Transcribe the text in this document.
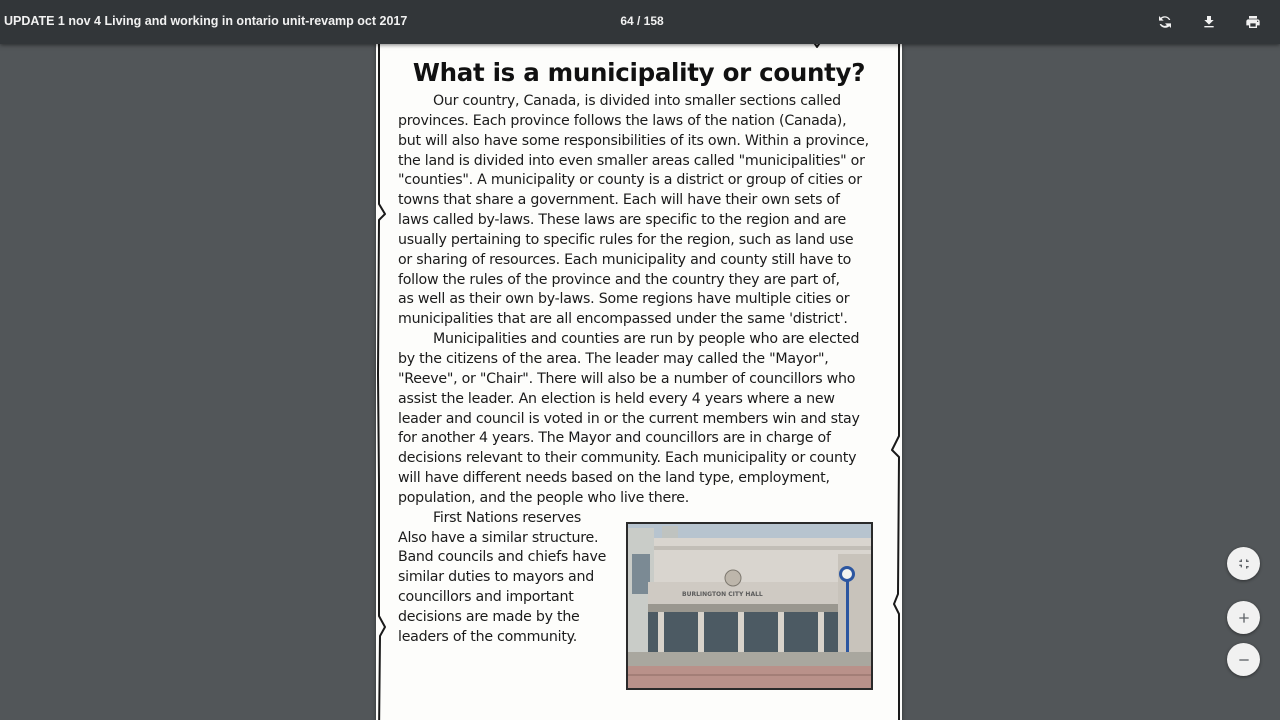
UPDATE 1 nov 4 Living and working in ontario unit-revamp oct 2017	64 / 158
What is a municipality or county?
Our country, Canada, is divided into smaller sections called
provinces. Each province follows the laws of the nation (Canada),
but will also have some responsibilities of its own. Within a province,
the land is divided into even smaller areas called "municipalities" or
"counties". A municipality or county is a district or group of cities or
towns that share a government. Each will have their own sets of
laws called by-laws. These laws are specific to the region and are
usually pertaining to specific rules for the region, such as land use
or sharing of resources. Each municipality and county still have to
follow the rules of the province and the country they are part of,
as well as their own by-laws. Some regions have multiple cities or
municipalities that are all encompassed under the same 'district'.
Municipalities and counties are run by people who are elected
by the citizens of the area. The leader may called the "Mayor",
"Reeve", or "Chair". There will also be a number of councillors who
assist the leader. An election is held every 4 years where a new
leader and council is voted in or the current members win and stay
for another 4 years. The Mayor and councillors are in charge of
decisions relevant to their community. Each municipality or county
will have different needs based on the land type, employment,
population, and the people who live there.
First Nations reserves
Also have a similar structure.
Band councils and chiefs have
similar duties to mayors and
councillors and important
decisions are made by the
leaders of the community.
BURLINGTON CITY HALL
